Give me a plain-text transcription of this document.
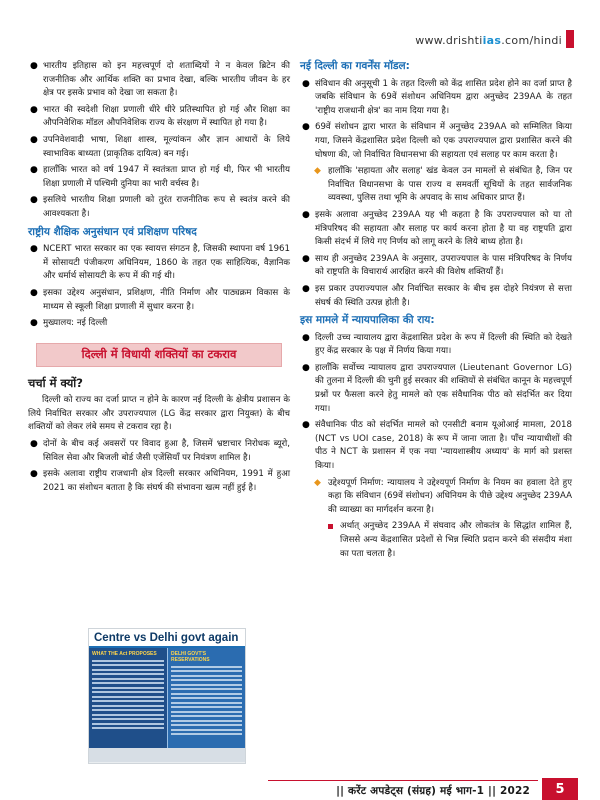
www.drishtiias.com/hindi
● भारतीय इतिहास को इन महत्त्वपूर्ण दो शताब्दियों ने न केवल ब्रिटेन की राजनीतिक और आर्थिक शक्ति का प्रभाव देखा, बल्कि भारतीय जीवन के हर क्षेत्र पर इसके प्रभाव को देखा जा सकता है।
● भारत की स्वदेशी शिक्षा प्रणाली धीरे धीरे प्रतिस्थापित हो गई और शिक्षा का औपनिवेशिक मॉडल औपनिवेशिक राज्य के संरक्षण में स्थापित हो गया है।
● उपनिवेशवादी भाषा, शिक्षा शास्त्र, मूल्यांकन और ज्ञान आधारों के लिये स्वाभाविक बाध्यता (प्राकृतिक दायित्व) बन गई।
● हालाँकि भारत को वर्ष 1947 में स्वतंत्रता प्राप्त हो गई थी, फिर भी भारतीय शिक्षा प्रणाली में पश्चिमी दुनिया का भारी वर्चस्व है।
● इसलिये भारतीय शिक्षा प्रणाली को तुरंत राजनीतिक रूप से स्वतंत्र करने की आवश्यकता है।
राष्ट्रीय शैक्षिक अनुसंधान एवं प्रशिक्षण परिषद
● NCERT भारत सरकार का एक स्वायत्त संगठन है, जिसकी स्थापना वर्ष 1961 में सोसायटी पंजीकरण अधिनियम, 1860 के तहत एक साहित्यिक, वैज्ञानिक और धर्मार्थ सोसायटी के रूप में की गई थी।
● इसका उद्देश्य अनुसंधान, प्रशिक्षण, नीति निर्माण और पाठ्यक्रम विकास के माध्यम से स्कूली शिक्षा प्रणाली में सुधार करना है।
● मुख्यालय: नई दिल्ली
दिल्ली में विधायी शक्तियों का टकराव
चर्चा में क्यों?
दिल्ली को राज्य का दर्जा प्राप्त न होने के कारण नई दिल्ली के क्षेत्रीय प्रशासन के लिये निर्वाचित सरकार और उपराज्यपाल (LG केंद्र सरकार द्वारा नियुक्त) के बीच शक्तियों को लेकर लंबे समय से टकराव रहा है।
● दोनों के बीच कई अवसरों पर विवाद हुआ है, जिसमें भ्रष्टाचार निरोधक ब्यूरो, सिविल सेवा और बिजली बोर्ड जैसी एजेंसियाँ पर नियंत्रण शामिल है।
● इसके अलावा राष्ट्रीय राजधानी क्षेत्र दिल्ली सरकार अधिनियम, 1991 में हुआ 2021 का संशोधन बताता है कि संघर्ष की संभावना खत्म नहीं हुई है।
Centre vs Delhi govt again
WHAT THE Act PROPOSES	DELHI GOVT'S RESERVATIONS
नई दिल्ली का गवर्नेंस मॉडल:
● संविधान की अनुसूची 1 के तहत दिल्ली को केंद्र शासित प्रदेश होने का दर्जा प्राप्त है जबकि संविधान के 69वें संशोधन अधिनियम द्वारा अनुच्छेद 239AA के तहत 'राष्ट्रीय राजधानी क्षेत्र' का नाम दिया गया है।
● 69वें संशोधन द्वारा भारत के संविधान में अनुच्छेद 239AA को सम्मिलित किया गया, जिसने केंद्रशासित प्रदेश दिल्ली को एक उपराज्यपाल द्वारा प्रशासित करने की घोषणा की, जो निर्वाचित विधानसभा की सहायता एवं सलाह पर काम करता है।
◆ हालाँकि 'सहायता और सलाह' खंड केवल उन मामलों से संबंधित है, जिन पर निर्वाचित विधानसभा के पास राज्य व समवर्ती सूचियों के तहत सार्वजनिक व्यवस्था, पुलिस तथा भूमि के अपवाद के साथ अधिकार प्राप्त हैं।
● इसके अलावा अनुच्छेद 239AA यह भी कहता है कि उपराज्यपाल को या तो मंत्रिपरिषद की सहायता और सलाह पर कार्य करना होता है या वह राष्ट्रपति द्वारा किसी संदर्भ में लिये गए निर्णय को लागू करने के लिये बाध्य होता है।
● साथ ही अनुच्छेद 239AA के अनुसार, उपराज्यपाल के पास मंत्रिपरिषद के निर्णय को राष्ट्रपति के विचारार्थ आरक्षित करने की विशेष शक्तियाँ हैं।
● इस प्रकार उपराज्यपाल और निर्वाचित सरकार के बीच इस दोहरे नियंत्रण से सत्ता संघर्ष की स्थिति उत्पन्न होती है।
इस मामले में न्यायपालिका की राय:
● दिल्ली उच्च न्यायालय द्वारा केंद्रशासित प्रदेश के रूप में दिल्ली की स्थिति को देखते हुए केंद्र सरकार के पक्ष में निर्णय किया गया।
● हालाँकि सर्वोच्च न्यायालय द्वारा उपराज्यपाल (Lieutenant Governor LG) की तुलना में दिल्ली की चुनी हुई सरकार की शक्तियों से संबंधित कानून के महत्त्वपूर्ण प्रश्नों पर फैसला करने हेतु मामले को एक संवैधानिक पीठ को संदर्भित कर दिया गया।
● संवैधानिक पीठ को संदर्भित मामले को एनसीटी बनाम यूओआई मामला, 2018 (NCT vs UOI case, 2018) के रूप में जाना जाता है। पाँच न्यायाधीशों की पीठ ने NCT के प्रशासन में एक नया 'न्यायशास्त्रीय अध्याय' के मार्ग को प्रशस्त किया।
◆ उद्देश्यपूर्ण निर्माण: न्यायालय ने उद्देश्यपूर्ण निर्माण के नियम का हवाला देते हुए कहा कि संविधान (69वें संशोधन) अधिनियम के पीछे उद्देश्य अनुच्छेद 239AA की व्याख्या का मार्गदर्शन करना है।
अर्थात् अनुच्छेद 239AA में संघवाद और लोकतंत्र के सिद्धांत शामिल हैं, जिससे अन्य केंद्रशासित प्रदेशों से भिन्न स्थिति प्रदान करने की संसदीय मंशा का पता चलता है।
|| करेंट अपडेट्स (संग्रह) मई भाग-1 || 2022	5
